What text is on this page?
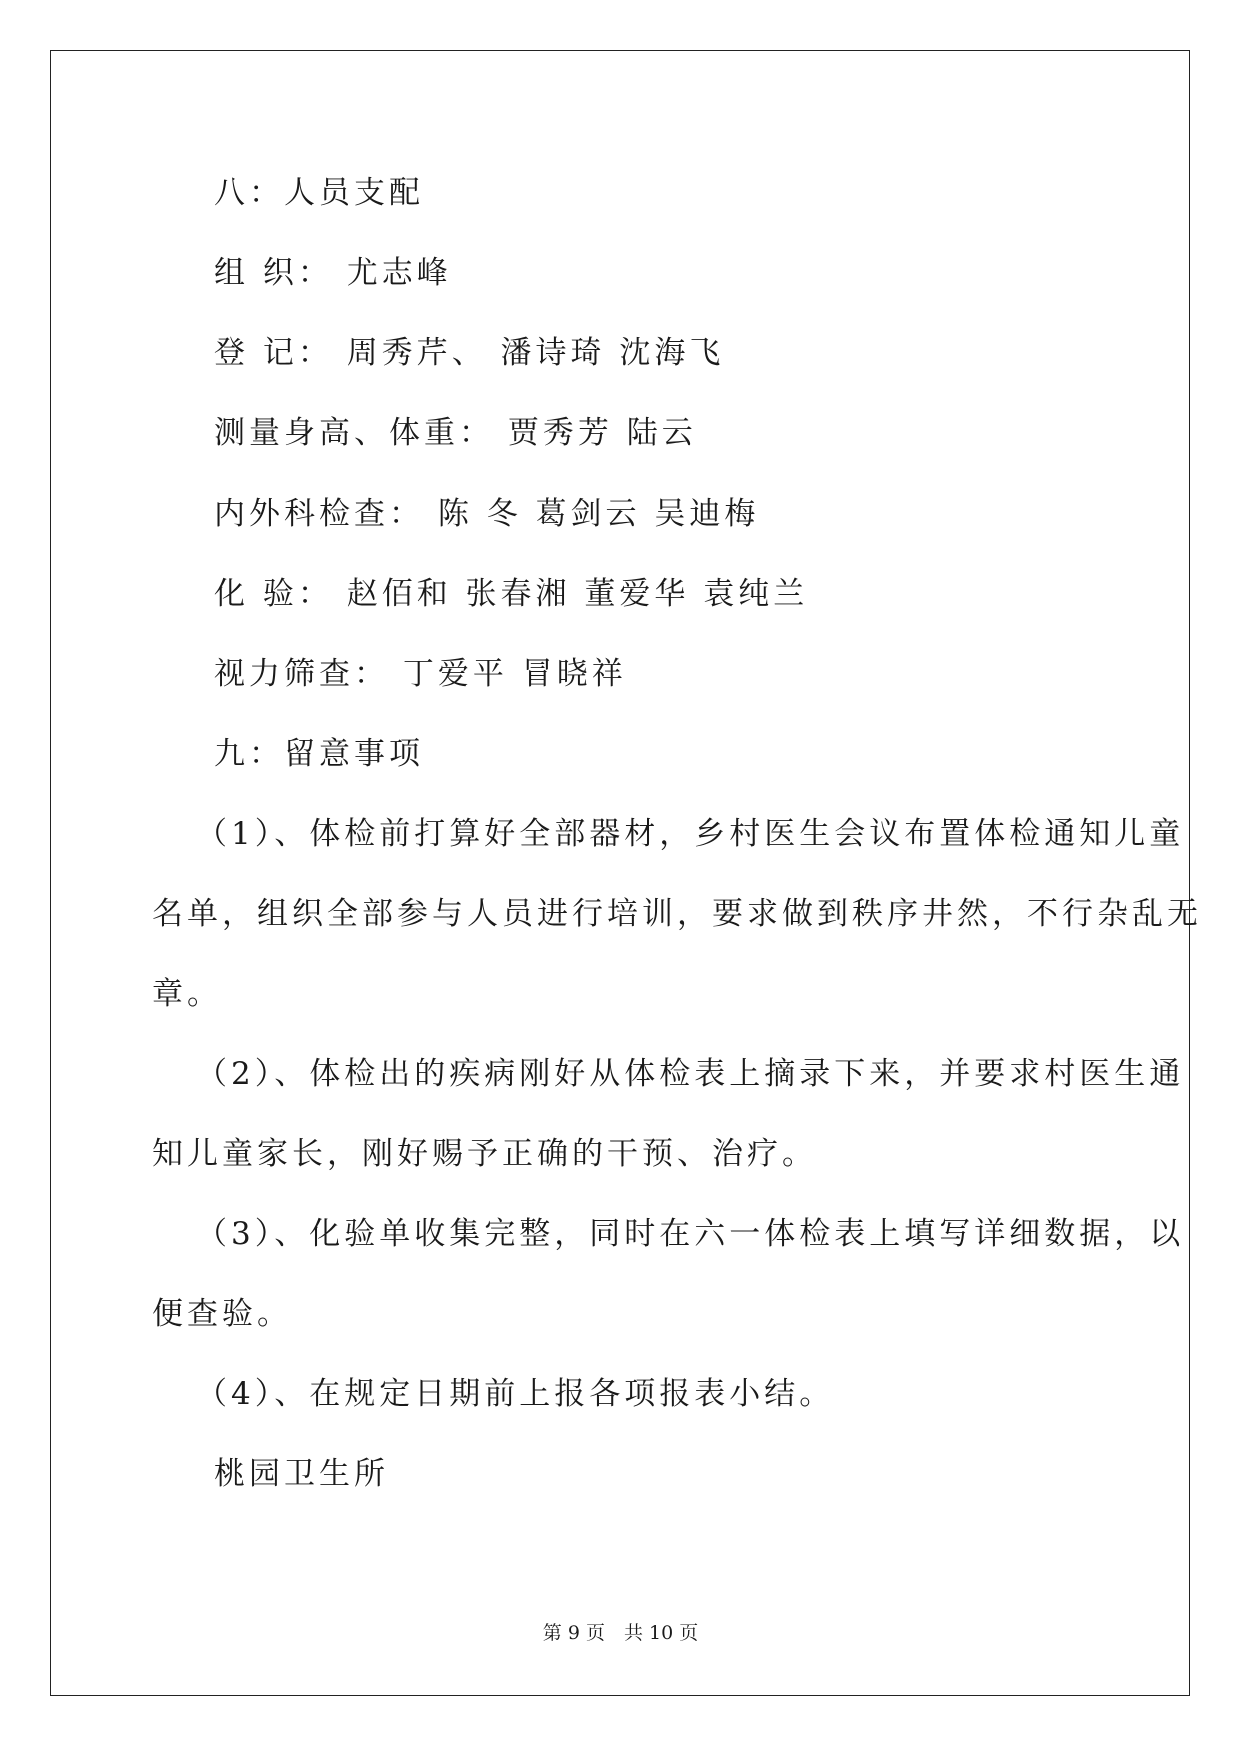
八：人员支配
组 织： 尤志峰
登 记： 周秀芹、 潘诗琦 沈海飞
测量身高、体重： 贾秀芳 陆云
内外科检查： 陈 冬 葛剑云 吴迪梅
化 验： 赵佰和 张春湘 董爱华 袁纯兰
视力筛查： 丁爱平 冒晓祥
九：留意事项
（1）、体检前打算好全部器材，乡村医生会议布置体检通知儿童
名单，组织全部参与人员进行培训，要求做到秩序井然，不行杂乱无
章。
（2）、体检出的疾病刚好从体检表上摘录下来，并要求村医生通
知儿童家长，刚好赐予正确的干预、治疗。
（3）、化验单收集完整，同时在六一体检表上填写详细数据，以
便查验。
（4）、在规定日期前上报各项报表小结。
桃园卫生所
第 9 页　共 10 页
